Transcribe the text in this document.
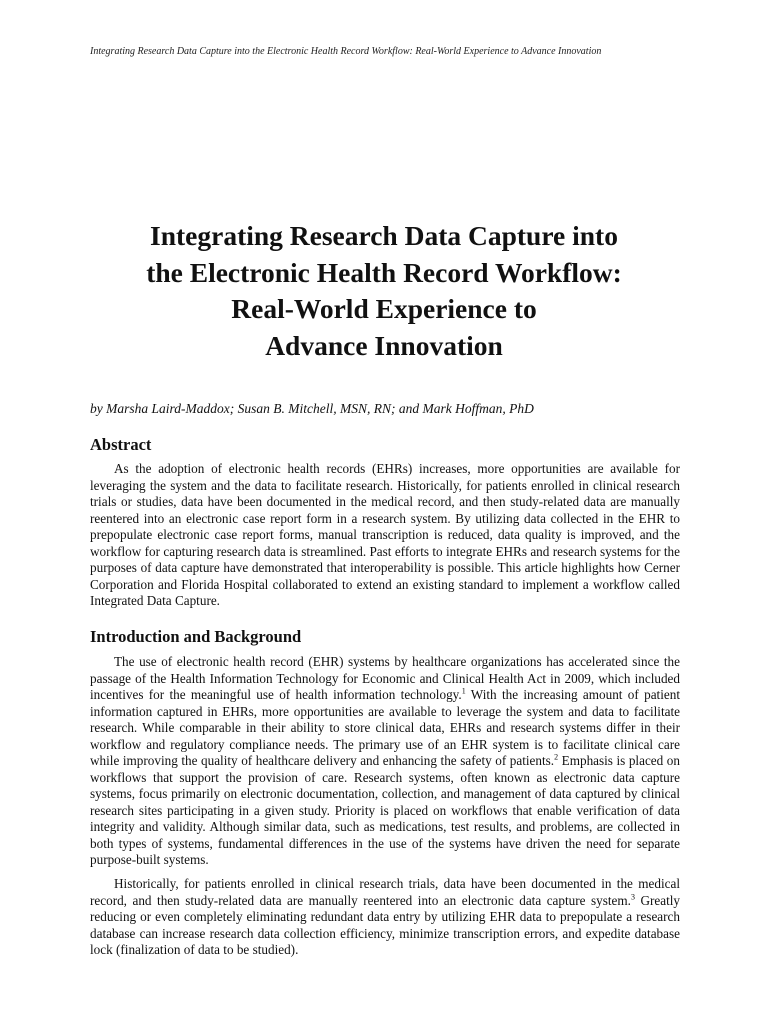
Integrating Research Data Capture into the Electronic Health Record Workflow: Real-World Experience to Advance Innovation
Integrating Research Data Capture into
the Electronic Health Record Workflow:
Real-World Experience to
Advance Innovation
by Marsha Laird-Maddox; Susan B. Mitchell, MSN, RN; and Mark Hoffman, PhD
Abstract

As the adoption of electronic health records (EHRs) increases, more opportunities are available for leveraging the system and the data to facilitate research. Historically, for patients enrolled in clinical research trials or studies, data have been documented in the medical record, and then study-related data are manually reentered into an electronic case report form in a research system. By utilizing data collected in the EHR to prepopulate electronic case report forms, manual transcription is reduced, data quality is improved, and the workflow for capturing research data is streamlined. Past efforts to integrate EHRs and research systems for the purposes of data capture have demonstrated that interoperability is possible. This article highlights how Cerner Corporation and Florida Hospital collaborated to extend an existing standard to implement a workflow called Integrated Data Capture.

Introduction and Background

The use of electronic health record (EHR) systems by healthcare organizations has accelerated since the passage of the Health Information Technology for Economic and Clinical Health Act in 2009, which included incentives for the meaningful use of health information technology.$^1$ With the increasing amount of patient information captured in EHRs, more opportunities are available to leverage the system and data to facilitate research. While comparable in their ability to store clinical data, EHRs and research systems differ in their workflow and regulatory compliance needs. The primary use of an EHR system is to facilitate clinical care while improving the quality of healthcare delivery and enhancing the safety of patients.$^2$ Emphasis is placed on workflows that support the provision of care. Research systems, often known as electronic data capture systems, focus primarily on electronic documentation, collection, and management of data captured by clinical research sites participating in a given study. Priority is placed on workflows that enable verification of data integrity and validity. Although similar data, such as medications, test results, and problems, are collected in both types of systems, fundamental differences in the use of the systems have driven the need for separate purpose-built systems.

Historically, for patients enrolled in clinical research trials, data have been documented in the medical record, and then study-related data are manually reentered into an electronic data capture system.$^3$ Greatly reducing or even completely eliminating redundant data entry by utilizing EHR data to prepopulate a research database can increase research data collection efficiency, minimize transcription errors, and expedite database lock (finalization of data to be studied).
